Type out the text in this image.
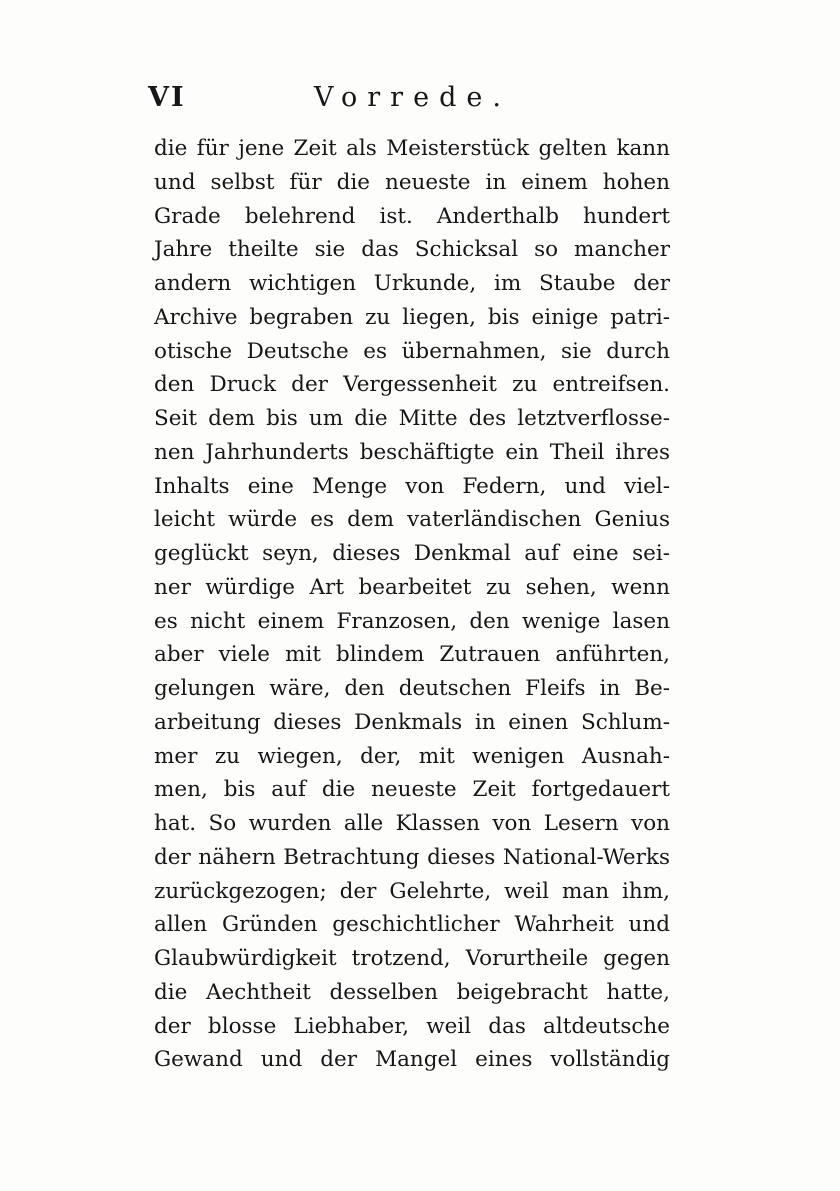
VI	Vorrede.
die für jene Zeit als Meisterstück gelten kann
und selbst für die neueste in einem hohen
Grade belehrend ist. Anderthalb hundert
Jahre theilte sie das Schicksal so mancher
andern wichtigen Urkunde, im Staube der
Archive begraben zu liegen, bis einige patri-
otische Deutsche es übernahmen, sie durch
den Druck der Vergessenheit zu entreifsen.
Seit dem bis um die Mitte des letztverflosse-
nen Jahrhunderts beschäftigte ein Theil ihres
Inhalts eine Menge von Federn, und viel-
leicht würde es dem vaterländischen Genius
geglückt seyn, dieses Denkmal auf eine sei-
ner würdige Art bearbeitet zu sehen, wenn
es nicht einem Franzosen, den wenige lasen
aber viele mit blindem Zutrauen anführten,
gelungen wäre, den deutschen Fleifs in Be-
arbeitung dieses Denkmals in einen Schlum-
mer zu wiegen, der, mit wenigen Ausnah-
men, bis auf die neueste Zeit fortgedauert
hat. So wurden alle Klassen von Lesern von
der nähern Betrachtung dieses National-Werks
zurückgezogen; der Gelehrte, weil man ihm,
allen Gründen geschichtlicher Wahrheit und
Glaubwürdigkeit trotzend, Vorurtheile gegen
die Aechtheit desselben beigebracht hatte,
der blosse Liebhaber, weil das altdeutsche
Gewand und der Mangel eines vollständig
